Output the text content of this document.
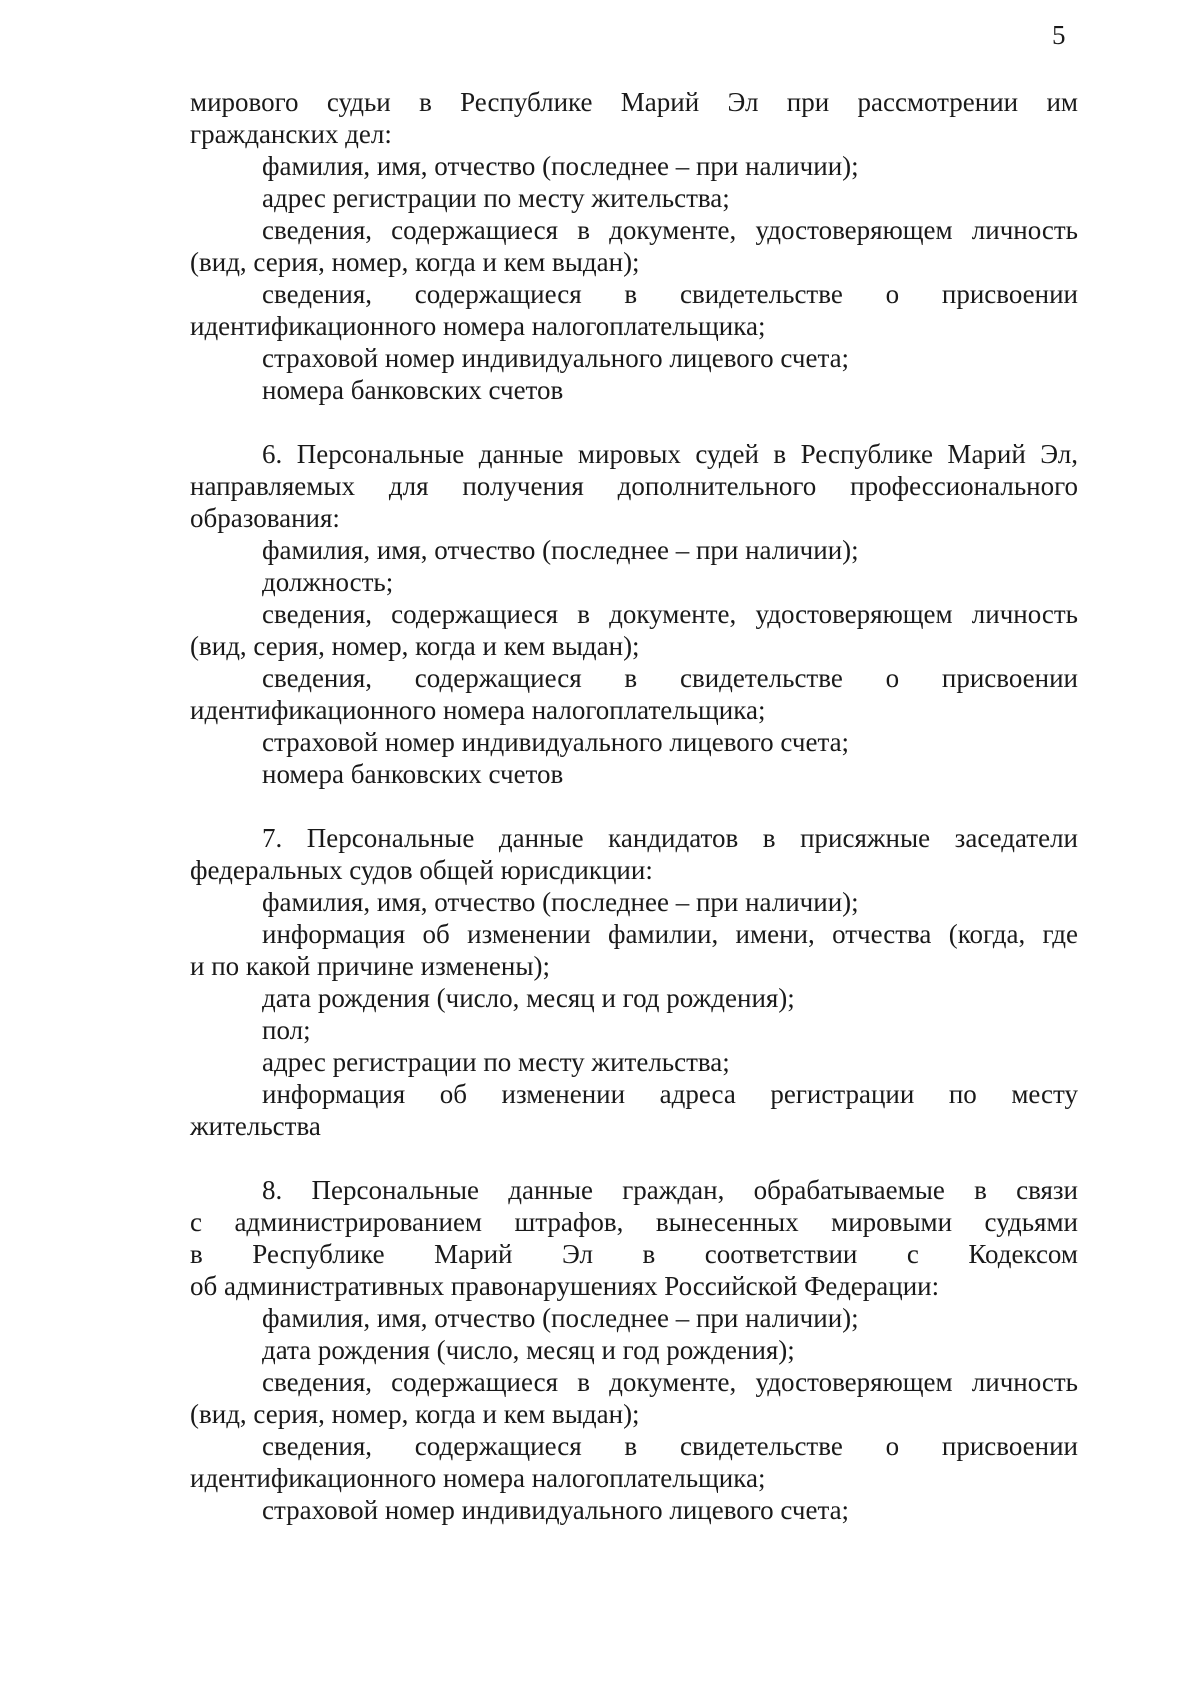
5
мирового судьи в Республике Марий Эл при рассмотрении им
гражданских дел:
фамилия, имя, отчество (последнее – при наличии);
адрес регистрации по месту жительства;
сведения, содержащиеся в документе, удостоверяющем личность
(вид, серия, номер, когда и кем выдан);
сведения, содержащиеся в свидетельстве о присвоении
идентификационного номера налогоплательщика;
страховой номер индивидуального лицевого счета;
номера банковских счетов
6. Персональные данные мировых судей в Республике Марий Эл,
направляемых для получения дополнительного профессионального
образования:
фамилия, имя, отчество (последнее – при наличии);
должность;
сведения, содержащиеся в документе, удостоверяющем личность
(вид, серия, номер, когда и кем выдан);
сведения, содержащиеся в свидетельстве о присвоении
идентификационного номера налогоплательщика;
страховой номер индивидуального лицевого счета;
номера банковских счетов
7. Персональные данные кандидатов в присяжные заседатели
федеральных судов общей юрисдикции:
фамилия, имя, отчество (последнее – при наличии);
информация об изменении фамилии, имени, отчества (когда, где
и по какой причине изменены);
дата рождения (число, месяц и год рождения);
пол;
адрес регистрации по месту жительства;
информация об изменении адреса регистрации по месту
жительства
8. Персональные данные граждан, обрабатываемые в связи
с администрированием штрафов, вынесенных мировыми судьями
в Республике Марий Эл в соответствии с Кодексом
об административных правонарушениях Российской Федерации:
фамилия, имя, отчество (последнее – при наличии);
дата рождения (число, месяц и год рождения);
сведения, содержащиеся в документе, удостоверяющем личность
(вид, серия, номер, когда и кем выдан);
сведения, содержащиеся в свидетельстве о присвоении
идентификационного номера налогоплательщика;
страховой номер индивидуального лицевого счета;
